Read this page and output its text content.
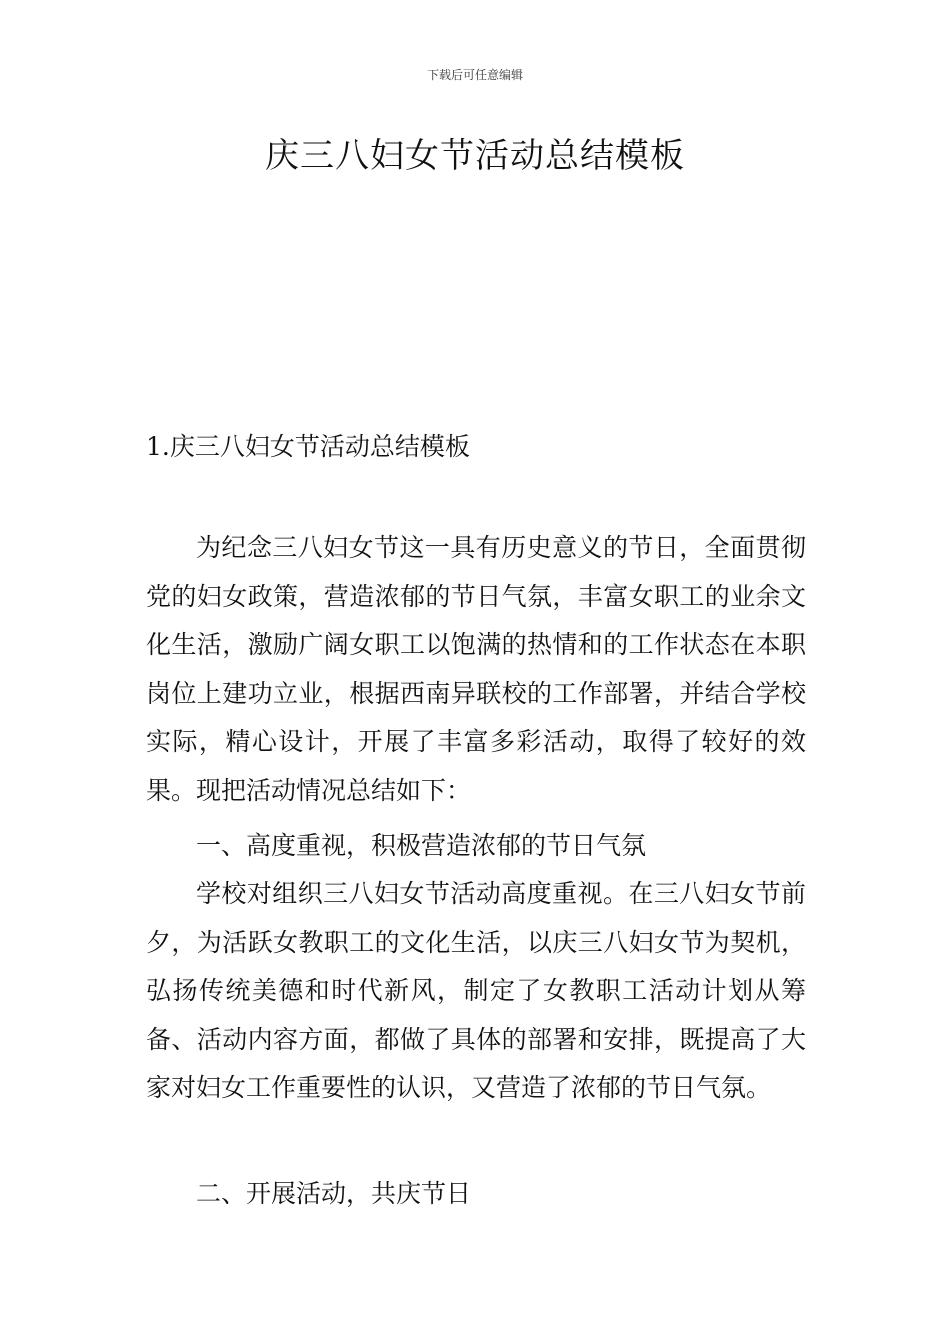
下载后可任意编辑
庆三八妇女节活动总结模板
1.庆三八妇女节活动总结模板

为纪念三八妇女节这一具有历史意义的节日，全面贯彻党的妇女政策，营造浓郁的节日气氛，丰富女职工的业余文化生活，激励广阔女职工以饱满的热情和的工作状态在本职岗位上建功立业，根据西南异联校的工作部署，并结合学校实际，精心设计，开展了丰富多彩活动，取得了较好的效果。现把活动情况总结如下：

一、高度重视，积极营造浓郁的节日气氛

学校对组织三八妇女节活动高度重视。在三八妇女节前夕，为活跃女教职工的文化生活，以庆三八妇女节为契机，弘扬传统美德和时代新风，制定了女教职工活动计划从筹备、活动内容方面，都做了具体的部署和安排，既提高了大家对妇女工作重要性的认识，又营造了浓郁的节日气氛。

二、开展活动，共庆节日
